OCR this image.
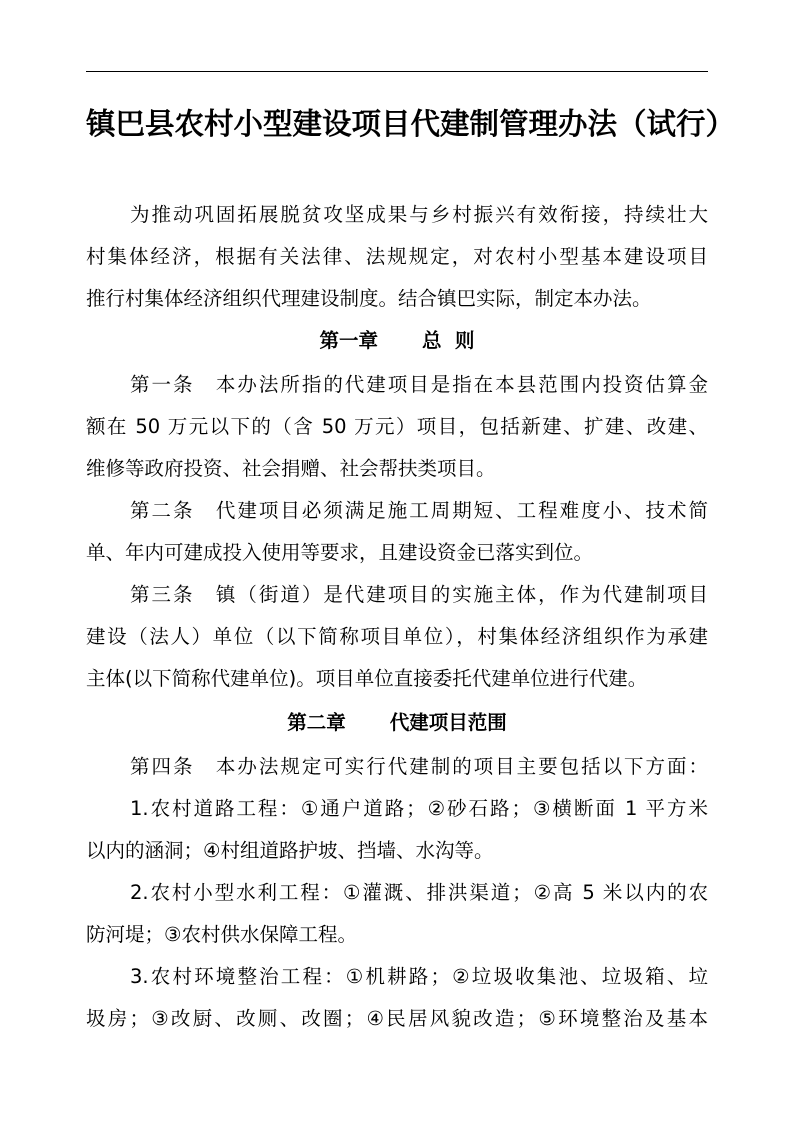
镇巴县农村小型建设项目代建制管理办法（试行）
为推动巩固拓展脱贫攻坚成果与乡村振兴有效衔接，持续壮大
村集体经济，根据有关法律、法规规定，对农村小型基本建设项目
推行村集体经济组织代理建设制度。结合镇巴实际，制定本办法。
第一章 总  则
第一条　本办法所指的代建项目是指在本县范围内投资估算金
额在 50 万元以下的（含 50 万元）项目，包括新建、扩建、改建、
维修等政府投资、社会捐赠、社会帮扶类项目。
第二条　代建项目必须满足施工周期短、工程难度小、技术简
单、年内可建成投入使用等要求，且建设资金已落实到位。
第三条　镇（街道）是代建项目的实施主体，作为代建制项目
建设（法人）单位（以下简称项目单位），村集体经济组织作为承建
主体(以下简称代建单位)。项目单位直接委托代建单位进行代建。
第二章 代建项目范围
第四条　本办法规定可实行代建制的项目主要包括以下方面：
1.农村道路工程：①通户道路；②砂石路；③横断面 1 平方米
以内的涵洞；④村组道路护坡、挡墙、水沟等。
2.农村小型水利工程：①灌溉、排洪渠道；②高 5 米以内的农
防河堤；③农村供水保障工程。
3.农村环境整治工程：①机耕路；②垃圾收集池、垃圾箱、垃
圾房；③改厨、改厕、改圈；④民居风貌改造；⑤环境整治及基本
